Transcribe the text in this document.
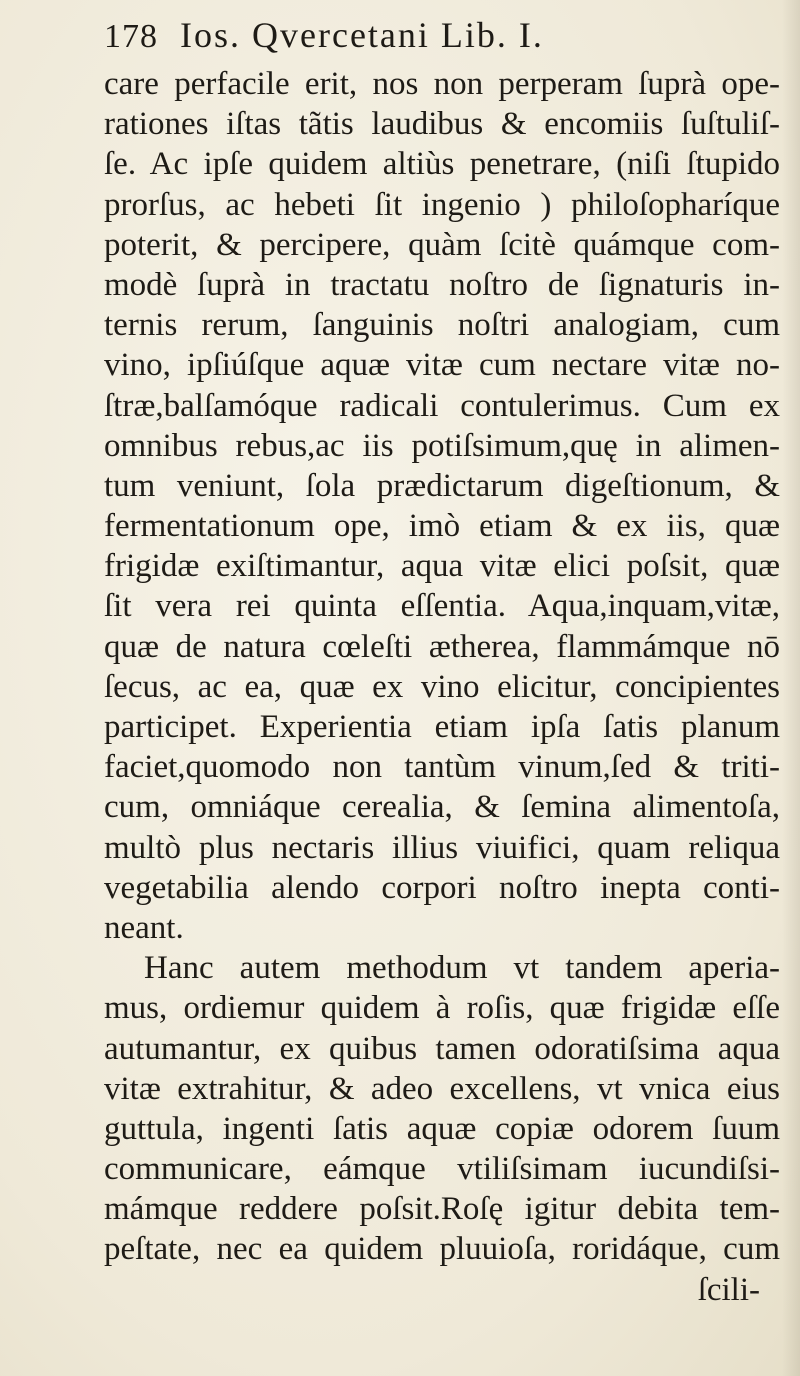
178 Ios. Qvercetani Lib. I.
care perfacile erit, nos non perperam ſuprà ope-
rationes iſtas tãtis laudibus & encomiis ſuſtuliſ-
ſe. Ac ipſe quidem altiùs penetrare, (niſi ſtupido
prorſus, ac hebeti ſit ingenio ) philoſopharíque
poterit, & percipere, quàm ſcitè quámque com-
modè ſuprà in tractatu noſtro de ſignaturis in-
ternis rerum, ſanguinis noſtri analogiam, cum
vino, ipſiúſque aquæ vitæ cum nectare vitæ no-
ſtræ,balſamóque radicali contulerimus. Cum ex
omnibus rebus,ac iis potiſsimum,quę in alimen-
tum veniunt, ſola prædictarum digeſtionum, &
fermentationum ope, imò etiam & ex iis, quæ
frigidæ exiſtimantur, aqua vitæ elici poſsit, quæ
ſit vera rei quinta eſſentia. Aqua,inquam,vitæ,
quæ de natura cœleſti ætherea, flammámque nō
ſecus, ac ea, quæ ex vino elicitur, concipientes
participet. Experientia etiam ipſa ſatis planum
faciet,quomodo non tantùm vinum,ſed & triti-
cum, omniáque cerealia, & ſemina alimentoſa,
multò plus nectaris illius viuifici, quam reliqua
vegetabilia alendo corpori noſtro inepta conti-
neant.
Hanc autem methodum vt tandem aperia-
mus, ordiemur quidem à roſis, quæ frigidæ eſſe
autumantur, ex quibus tamen odoratiſsima aqua
vitæ extrahitur, & adeo excellens, vt vnica eius
guttula, ingenti ſatis aquæ copiæ odorem ſuum
communicare, eámque vtiliſsimam iucundiſsi-
mámque reddere poſsit.Roſę igitur debita tem-
peſtate, nec ea quidem pluuioſa, roridáque, cum
ſcili-
